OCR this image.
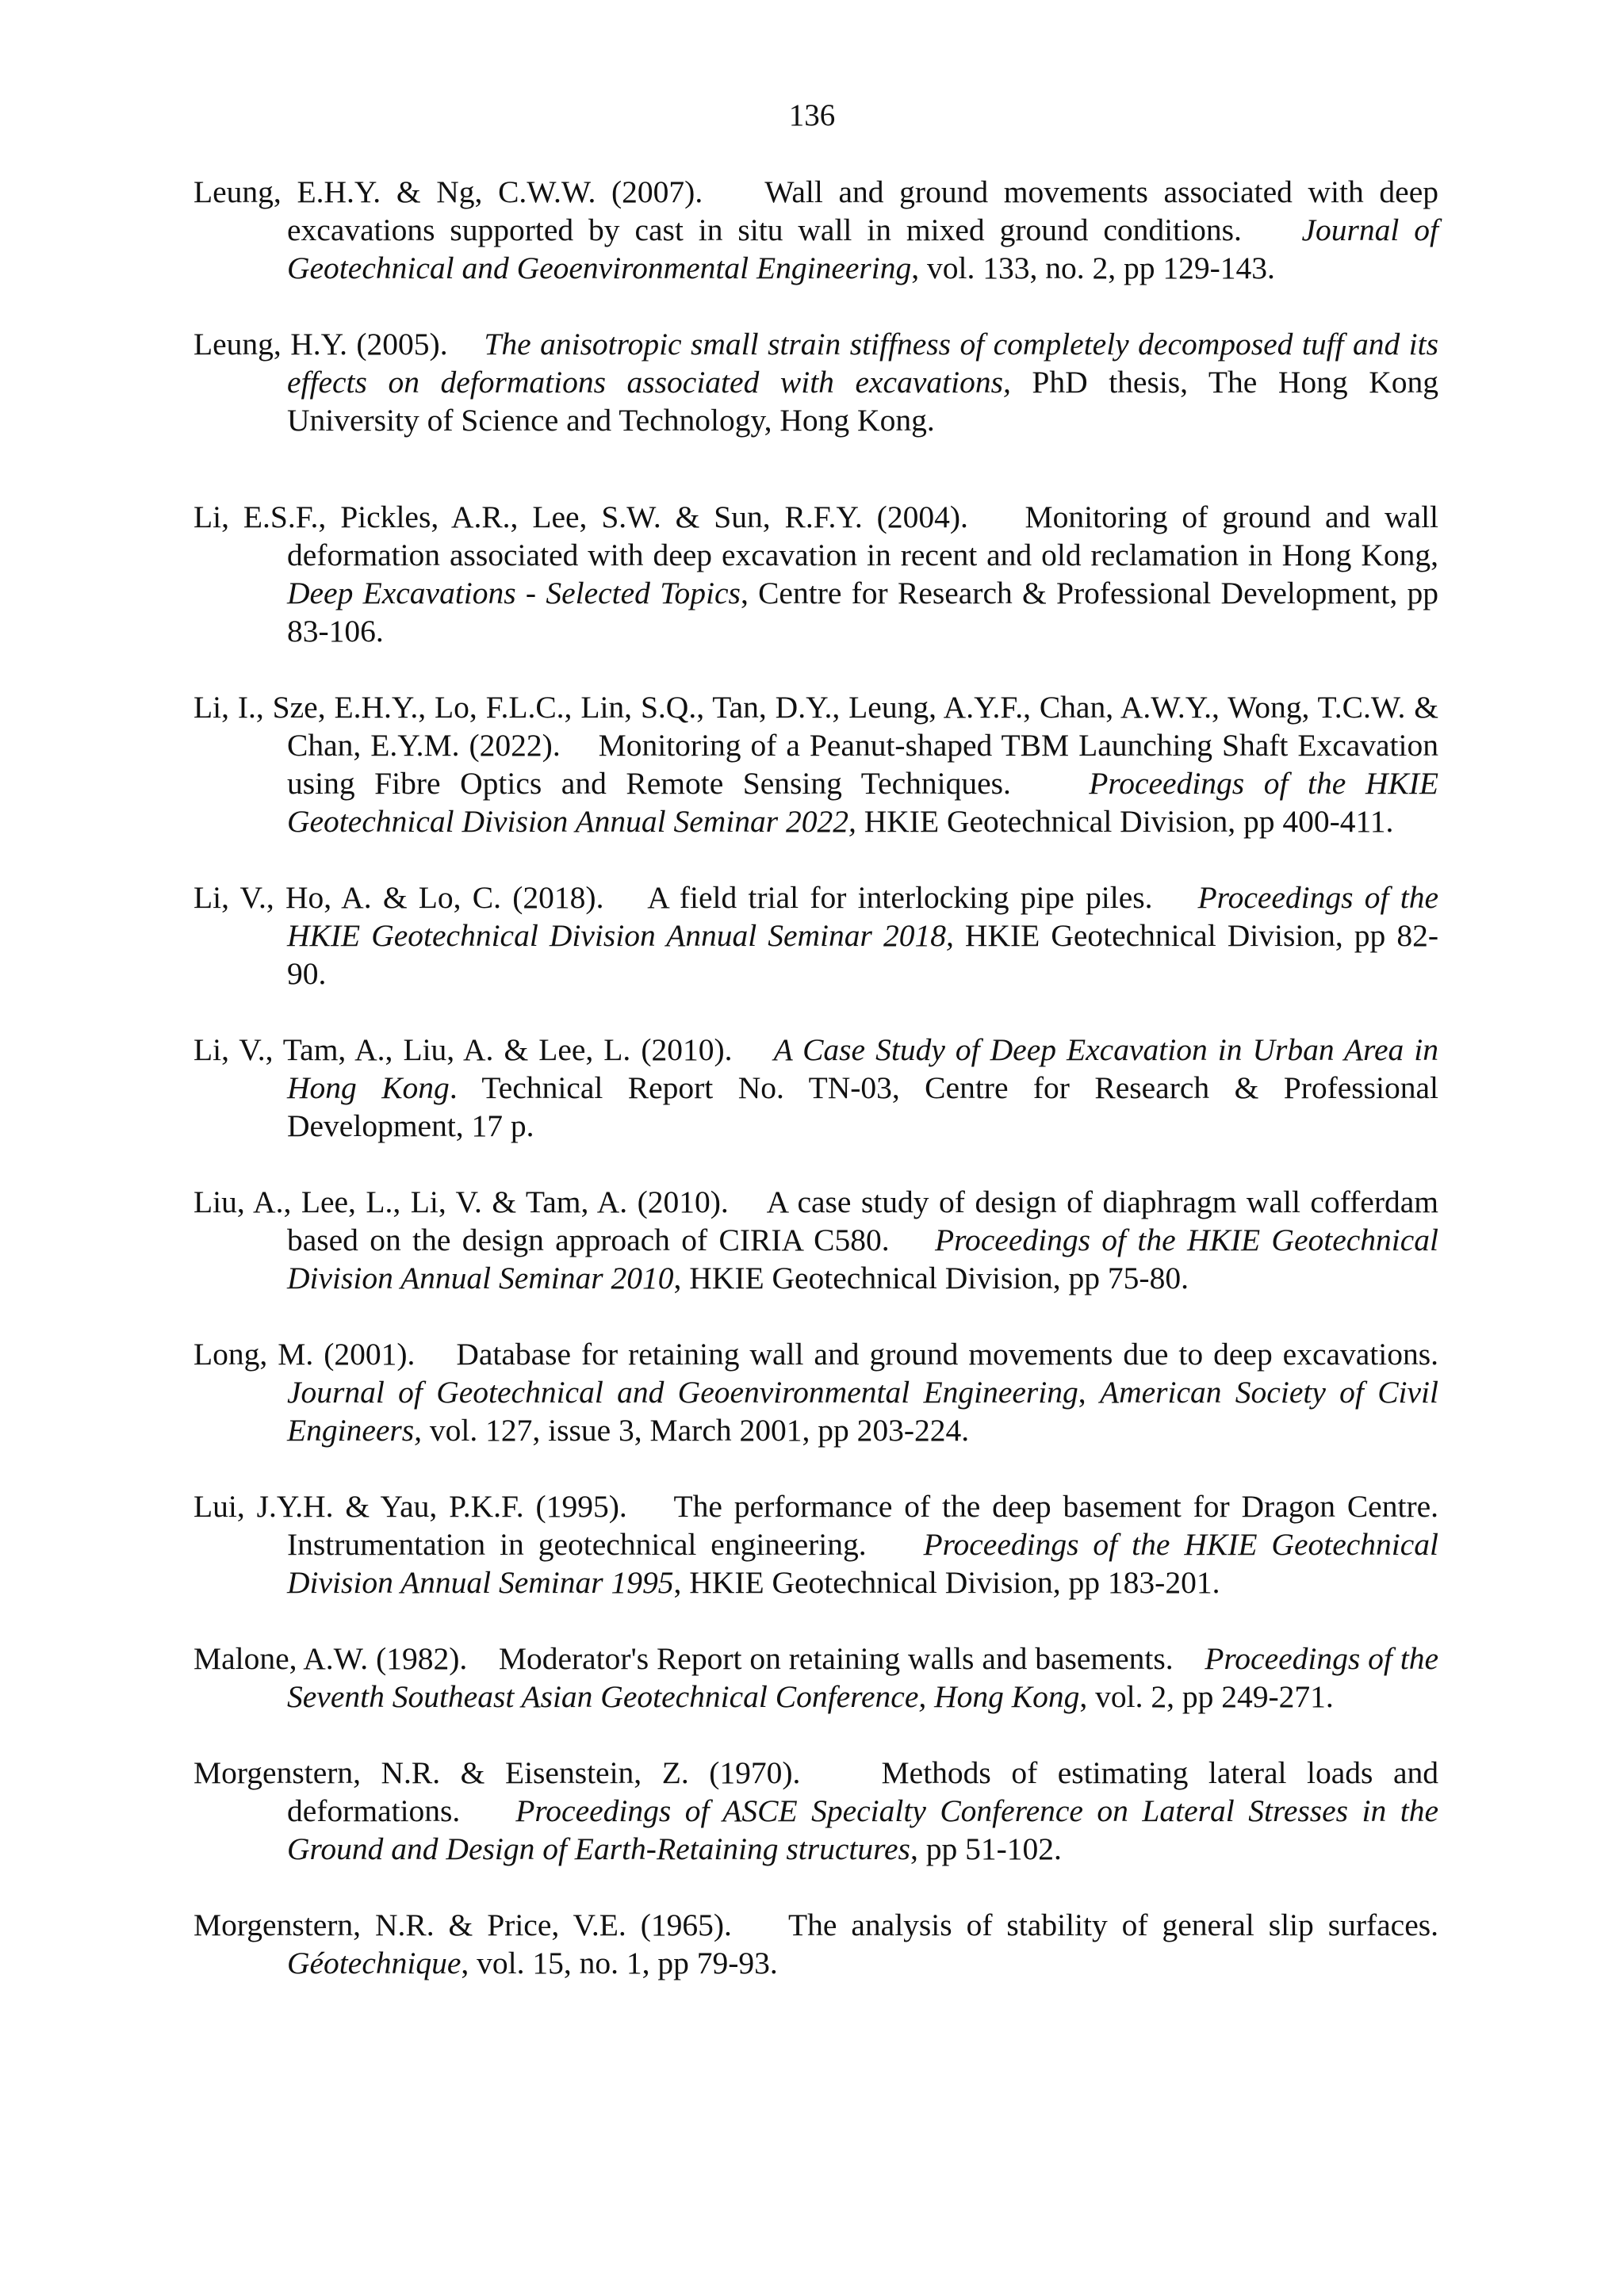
136

Leung, E.H.Y. & Ng, C.W.W. (2007). Wall and ground movements associated with deep excavations supported by cast in situ wall in mixed ground conditions. Journal of Geotechnical and Geoenvironmental Engineering, vol. 133, no. 2, pp 129-143.

Leung, H.Y. (2005). The anisotropic small strain stiffness of completely decomposed tuff and its effects on deformations associated with excavations, PhD thesis, The Hong Kong University of Science and Technology, Hong Kong.

Li, E.S.F., Pickles, A.R., Lee, S.W. & Sun, R.F.Y. (2004). Monitoring of ground and wall deformation associated with deep excavation in recent and old reclamation in Hong Kong, Deep Excavations - Selected Topics, Centre for Research & Professional Development, pp 83-106.

Li, I., Sze, E.H.Y., Lo, F.L.C., Lin, S.Q., Tan, D.Y., Leung, A.Y.F., Chan, A.W.Y., Wong, T.C.W. & Chan, E.Y.M. (2022). Monitoring of a Peanut-shaped TBM Launching Shaft Excavation using Fibre Optics and Remote Sensing Techniques. Proceedings of the HKIE Geotechnical Division Annual Seminar 2022, HKIE Geotechnical Division, pp 400-411.

Li, V., Ho, A. & Lo, C. (2018). A field trial for interlocking pipe piles. Proceedings of the HKIE Geotechnical Division Annual Seminar 2018, HKIE Geotechnical Division, pp 82-90.

Li, V., Tam, A., Liu, A. & Lee, L. (2010). A Case Study of Deep Excavation in Urban Area in Hong Kong. Technical Report No. TN-03, Centre for Research & Professional Development, 17 p.

Liu, A., Lee, L., Li, V. & Tam, A. (2010). A case study of design of diaphragm wall cofferdam based on the design approach of CIRIA C580. Proceedings of the HKIE Geotechnical Division Annual Seminar 2010, HKIE Geotechnical Division, pp 75-80.

Long, M. (2001). Database for retaining wall and ground movements due to deep excavations. Journal of Geotechnical and Geoenvironmental Engineering, American Society of Civil Engineers, vol. 127, issue 3, March 2001, pp 203-224.

Lui, J.Y.H. & Yau, P.K.F. (1995). The performance of the deep basement for Dragon Centre. Instrumentation in geotechnical engineering. Proceedings of the HKIE Geotechnical Division Annual Seminar 1995, HKIE Geotechnical Division, pp 183-201.

Malone, A.W. (1982). Moderator's Report on retaining walls and basements. Proceedings of the Seventh Southeast Asian Geotechnical Conference, Hong Kong, vol. 2, pp 249-271.

Morgenstern, N.R. & Eisenstein, Z. (1970).	Methods of estimating lateral loads and deformations. Proceedings of ASCE Specialty Conference on Lateral Stresses in the Ground and Design of Earth-Retaining structures, pp 51-102.

Morgenstern, N.R. & Price, V.E. (1965). The analysis of stability of general slip surfaces. Géotechnique, vol. 15, no. 1, pp 79-93.
